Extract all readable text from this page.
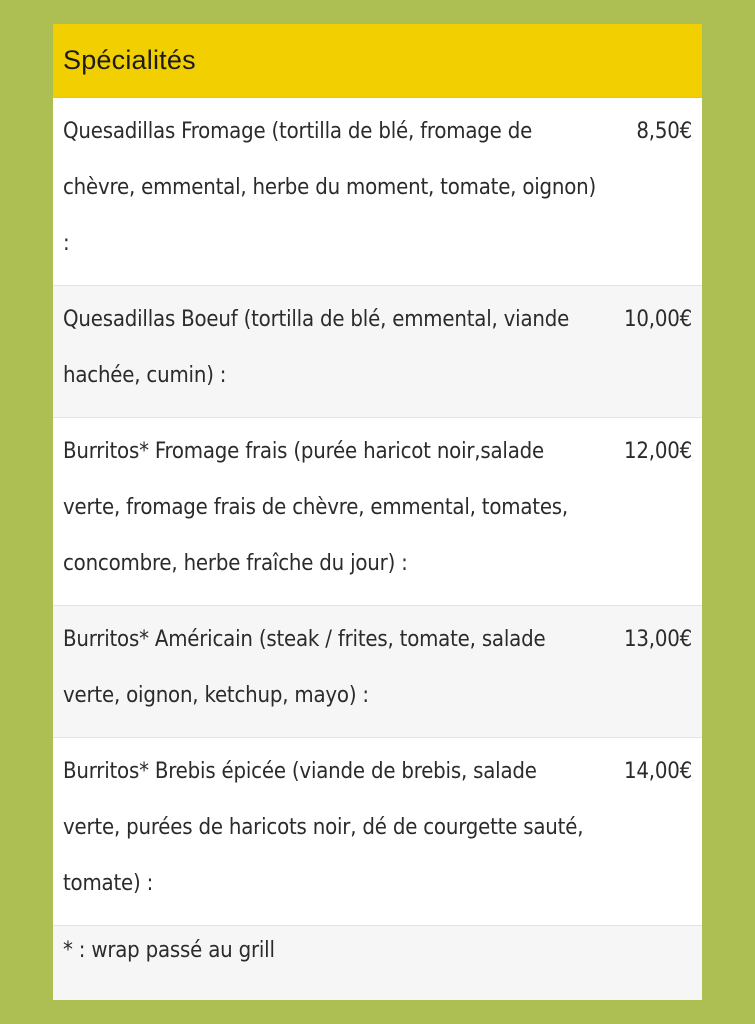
Spécialités
Quesadillas Fromage (tortilla de blé, fromage de
chèvre, emmental, herbe du moment, tomate, oignon)
:
8,50€
Quesadillas Boeuf (tortilla de blé, emmental, viande
hachée, cumin) :
10,00€
Burritos* Fromage frais (purée haricot noir,salade
verte, fromage frais de chèvre, emmental, tomates,
concombre, herbe fraîche du jour) :
12,00€
Burritos* Américain (steak / frites, tomate, salade
verte, oignon, ketchup, mayo) :
13,00€
Burritos* Brebis épicée (viande de brebis, salade
verte, purées de haricots noir, dé de courgette sauté,
tomate) :
14,00€
* : wrap passé au grill
